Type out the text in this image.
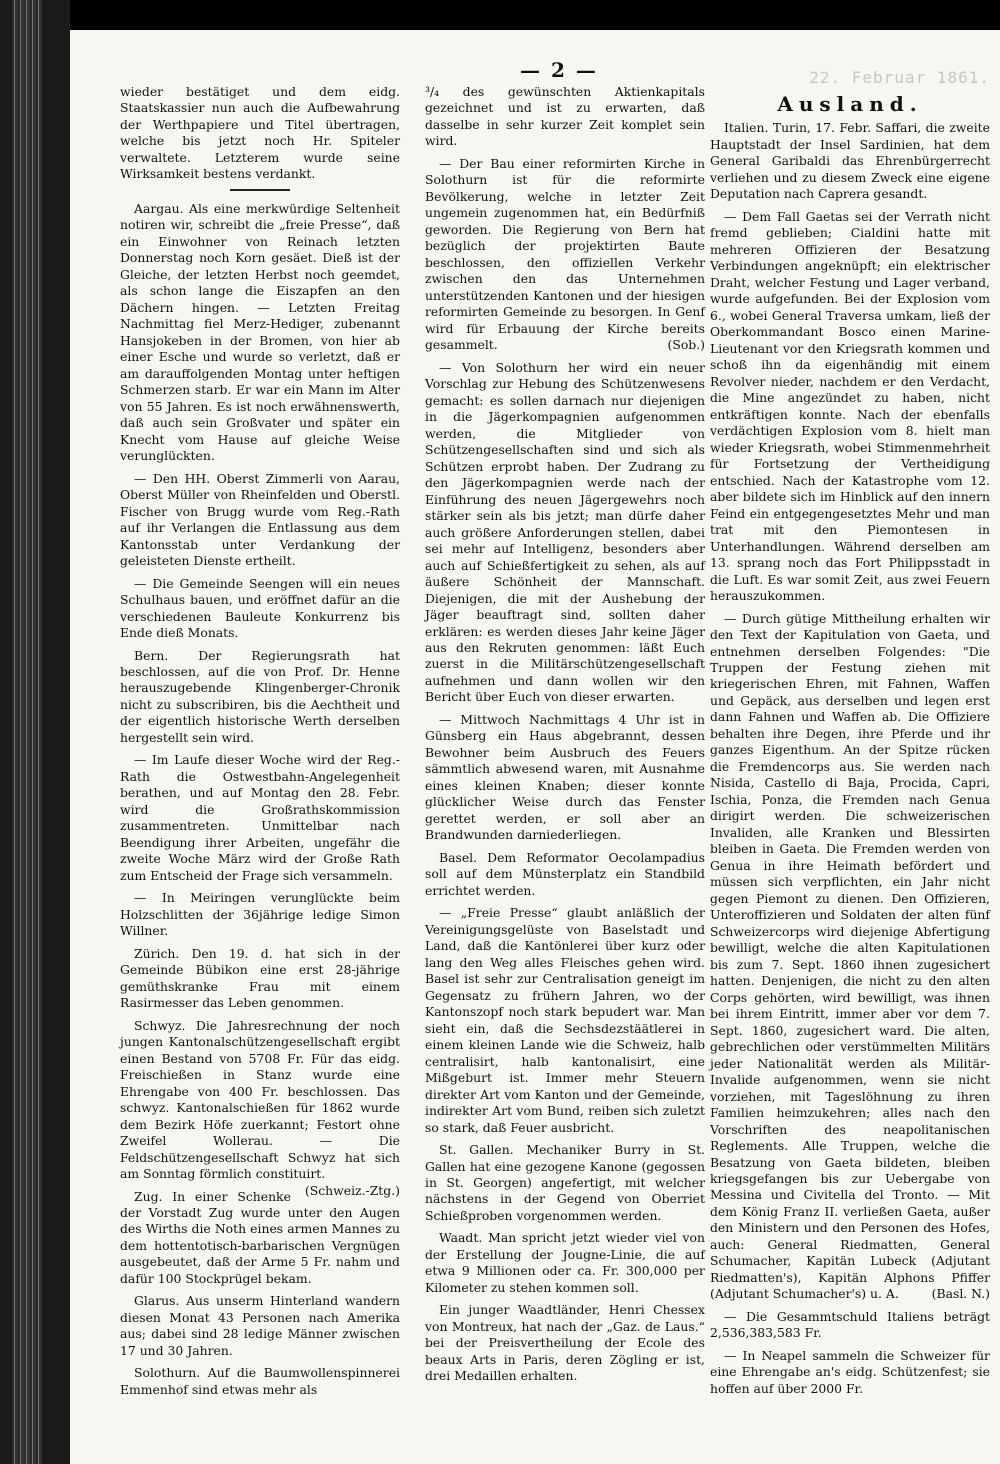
22. Februar 1861.
— 2 —

wieder bestätiget und dem eidg. Staatskassier nun auch die Aufbewahrung der Werthpapiere und Titel übertragen, welche bis jetzt noch Hr. Spiteler verwaltete. Letzterem wurde seine Wirksamkeit bestens verdankt.

Aargau. Als eine merkwürdige Seltenheit notiren wir, schreibt die „freie Presse“, daß ein Einwohner von Reinach letzten Donnerstag noch Korn gesäet. Dieß ist der Gleiche, der letzten Herbst noch geemdet, als schon lange die Eiszapfen an den Dächern hingen. — Letzten Freitag Nachmittag fiel Merz-Hediger, zubenannt Hansjokeben in der Bromen, von hier ab einer Esche und wurde so verletzt, daß er am darauffolgenden Montag unter heftigen Schmerzen starb. Er war ein Mann im Alter von 55 Jahren. Es ist noch erwähnenswerth, daß auch sein Großvater und später ein Knecht vom Hause auf gleiche Weise verunglückten.

— Den HH. Oberst Zimmerli von Aarau, Oberst Müller von Rheinfelden und Oberstl. Fischer von Brugg wurde vom Reg.-Rath auf ihr Verlangen die Entlassung aus dem Kantonsstab unter Verdankung der geleisteten Dienste ertheilt.

— Die Gemeinde Seengen will ein neues Schulhaus bauen, und eröffnet dafür an die verschiedenen Bauleute Konkurrenz bis Ende dieß Monats.

Bern. Der Regierungsrath hat beschlossen, auf die von Prof. Dr. Henne herauszugebende Klingenberger-Chronik nicht zu subscribiren, bis die Aechtheit und der eigentlich historische Werth derselben hergestellt sein wird.

— Im Laufe dieser Woche wird der Reg.-Rath die Ostwestbahn-Angelegenheit berathen, und auf Montag den 28. Febr. wird die Großrathskommission zusammentreten. Unmittelbar nach Beendigung ihrer Arbeiten, ungefähr die zweite Woche März wird der Große Rath zum Entscheid der Frage sich versammeln.

— In Meiringen verunglückte beim Holzschlitten der 36jährige ledige Simon Willner.

Zürich. Den 19. d. hat sich in der Gemeinde Bübikon eine erst 28-jährige gemüthskranke Frau mit einem Rasirmesser das Leben genommen.

Schwyz. Die Jahresrechnung der noch jungen Kantonalschützengesellschaft ergibt einen Bestand von 5708 Fr. Für das eidg. Freischießen in Stanz wurde eine Ehrengabe von 400 Fr. beschlossen. Das schwyz. Kantonalschießen für 1862 wurde dem Bezirk Höfe zuerkannt; Festort ohne Zweifel Wollerau. — Die Feldschützengesellschaft Schwyz hat sich am Sonntag förmlich constituirt.
(Schweiz.-Ztg.)

Zug. In einer Schenke der Vorstadt Zug wurde unter den Augen des Wirths die Noth eines armen Mannes zu dem hottentotisch-barbarischen Vergnügen ausgebeutet, daß der Arme 5 Fr. nahm und dafür 100 Stockprügel bekam.

Glarus. Aus unserm Hinterland wandern diesen Monat 43 Personen nach Amerika aus; dabei sind 28 ledige Männer zwischen 17 und 30 Jahren.

Solothurn. Auf die Baumwollenspinnerei Emmenhof sind etwas mehr als

³/₄ des gewünschten Aktienkapitals gezeichnet und ist zu erwarten, daß dasselbe in sehr kurzer Zeit komplet sein wird.

— Der Bau einer reformirten Kirche in Solothurn ist für die reformirte Bevölkerung, welche in letzter Zeit ungemein zugenommen hat, ein Bedürfniß geworden. Die Regierung von Bern hat bezüglich der projektirten Baute beschlossen, den offiziellen Verkehr zwischen den das Unternehmen unterstützenden Kantonen und der hiesigen reformirten Gemeinde zu besorgen. In Genf wird für Erbauung der Kirche bereits gesammelt.	(Sob.)

— Von Solothurn her wird ein neuer Vorschlag zur Hebung des Schützenwesens gemacht: es sollen darnach nur diejenigen in die Jägerkompagnien aufgenommen werden, die Mitglieder von Schützengesellschaften sind und sich als Schützen erprobt haben. Der Zudrang zu den Jägerkompagnien werde nach der Einführung des neuen Jägergewehrs noch stärker sein als bis jetzt; man dürfe daher auch größere Anforderungen stellen, dabei sei mehr auf Intelligenz, besonders aber auch auf Schießfertigkeit zu sehen, als auf äußere Schönheit der Mannschaft. Diejenigen, die mit der Aushebung der Jäger beauftragt sind, sollten daher erklären: es werden dieses Jahr keine Jäger aus den Rekruten genommen: läßt Euch zuerst in die Militärschützengesellschaft aufnehmen und dann wollen wir den Bericht über Euch von dieser erwarten.

— Mittwoch Nachmittags 4 Uhr ist in Günsberg ein Haus abgebrannt, dessen Bewohner beim Ausbruch des Feuers sämmtlich abwesend waren, mit Ausnahme eines kleinen Knaben; dieser konnte glücklicher Weise durch das Fenster gerettet werden, er soll aber an Brandwunden darniederliegen.

Basel. Dem Reformator Oecolampadius soll auf dem Münsterplatz ein Standbild errichtet werden.

— „Freie Presse“ glaubt anläßlich der Vereinigungsgelüste von Baselstadt und Land, daß die Kantönlerei über kurz oder lang den Weg alles Fleisches gehen wird. Basel ist sehr zur Centralisation geneigt im Gegensatz zu frühern Jahren, wo der Kantonszopf noch stark bepudert war. Man sieht ein, daß die Sechsdezstäätlerei in einem kleinen Lande wie die Schweiz, halb centralisirt, halb kantonalisirt, eine Mißgeburt ist. Immer mehr Steuern direkter Art vom Kanton und der Gemeinde, indirekter Art vom Bund, reiben sich zuletzt so stark, daß Feuer ausbricht.

St. Gallen. Mechaniker Burry in St. Gallen hat eine gezogene Kanone (gegossen in St. Georgen) angefertigt, mit welcher nächstens in der Gegend von Oberriet Schießproben vorgenommen werden.

Waadt. Man spricht jetzt wieder viel von der Erstellung der Jougne-Linie, die auf etwa 9 Millionen oder ca. Fr. 300,000 per Kilometer zu stehen kommen soll.

Ein junger Waadtländer, Henri Chessex von Montreux, hat nach der „Gaz. de Laus.“ bei der Preisvertheilung der Ecole des beaux Arts in Paris, deren Zögling er ist, drei Medaillen erhalten.

Ausland.

Italien. Turin, 17. Febr. Saffari, die zweite Hauptstadt der Insel Sardinien, hat dem General Garibaldi das Ehrenbürgerrecht verliehen und zu diesem Zweck eine eigene Deputation nach Caprera gesandt.

— Dem Fall Gaetas sei der Verrath nicht fremd geblieben; Cialdini hatte mit mehreren Offizieren der Besatzung Verbindungen angeknüpft; ein elektrischer Draht, welcher Festung und Lager verband, wurde aufgefunden. Bei der Explosion vom 6., wobei General Traversa umkam, ließ der Oberkommandant Bosco einen Marine-Lieutenant vor den Kriegsrath kommen und schoß ihn da eigenhändig mit einem Revolver nieder, nachdem er den Verdacht, die Mine angezündet zu haben, nicht entkräftigen konnte. Nach der ebenfalls verdächtigen Explosion vom 8. hielt man wieder Kriegsrath, wobei Stimmenmehrheit für Fortsetzung der Vertheidigung entschied. Nach der Katastrophe vom 12. aber bildete sich im Hinblick auf den innern Feind ein entgegengesetztes Mehr und man trat mit den Piemontesen in Unterhandlungen. Während derselben am 13. sprang noch das Fort Philippsstadt in die Luft. Es war somit Zeit, aus zwei Feuern herauszukommen.

— Durch gütige Mittheilung erhalten wir den Text der Kapitulation von Gaeta, und entnehmen derselben Folgendes: "Die Truppen der Festung ziehen mit kriegerischen Ehren, mit Fahnen, Waffen und Gepäck, aus derselben und legen erst dann Fahnen und Waffen ab. Die Offiziere behalten ihre Degen, ihre Pferde und ihr ganzes Eigenthum. An der Spitze rücken die Fremdencorps aus. Sie werden nach Nisida, Castello di Baja, Procida, Capri, Ischia, Ponza, die Fremden nach Genua dirigirt werden. Die schweizerischen Invaliden, alle Kranken und Blessirten bleiben in Gaeta. Die Fremden werden von Genua in ihre Heimath befördert und müssen sich verpflichten, ein Jahr nicht gegen Piemont zu dienen. Den Offizieren, Unteroffizieren und Soldaten der alten fünf Schweizercorps wird diejenige Abfertigung bewilligt, welche die alten Kapitulationen bis zum 7. Sept. 1860 ihnen zugesichert hatten. Denjenigen, die nicht zu den alten Corps gehörten, wird bewilligt, was ihnen bei ihrem Eintritt, immer aber vor dem 7. Sept. 1860, zugesichert ward. Die alten, gebrechlichen oder verstümmelten Militärs jeder Nationalität werden als Militär-Invalide aufgenommen, wenn sie nicht vorziehen, mit Tageslöhnung zu ihren Familien heimzukehren; alles nach den Vorschriften des neapolitanischen Reglements. Alle Truppen, welche die Besatzung von Gaeta bildeten, bleiben kriegsgefangen bis zur Uebergabe von Messina und Civitella del Tronto. — Mit dem König Franz II. verließen Gaeta, außer den Ministern und den Personen des Hofes, auch: General Riedmatten, General Schumacher, Kapitän Lubeck (Adjutant Riedmatten's), Kapitän Alphons Pfiffer (Adjutant Schumacher's) u. A.	(Basl. N.)

— Die Gesammtschuld Italiens beträgt 2,536,383,583 Fr.

— In Neapel sammeln die Schweizer für eine Ehrengabe an's eidg. Schützenfest; sie hoffen auf über 2000 Fr.
